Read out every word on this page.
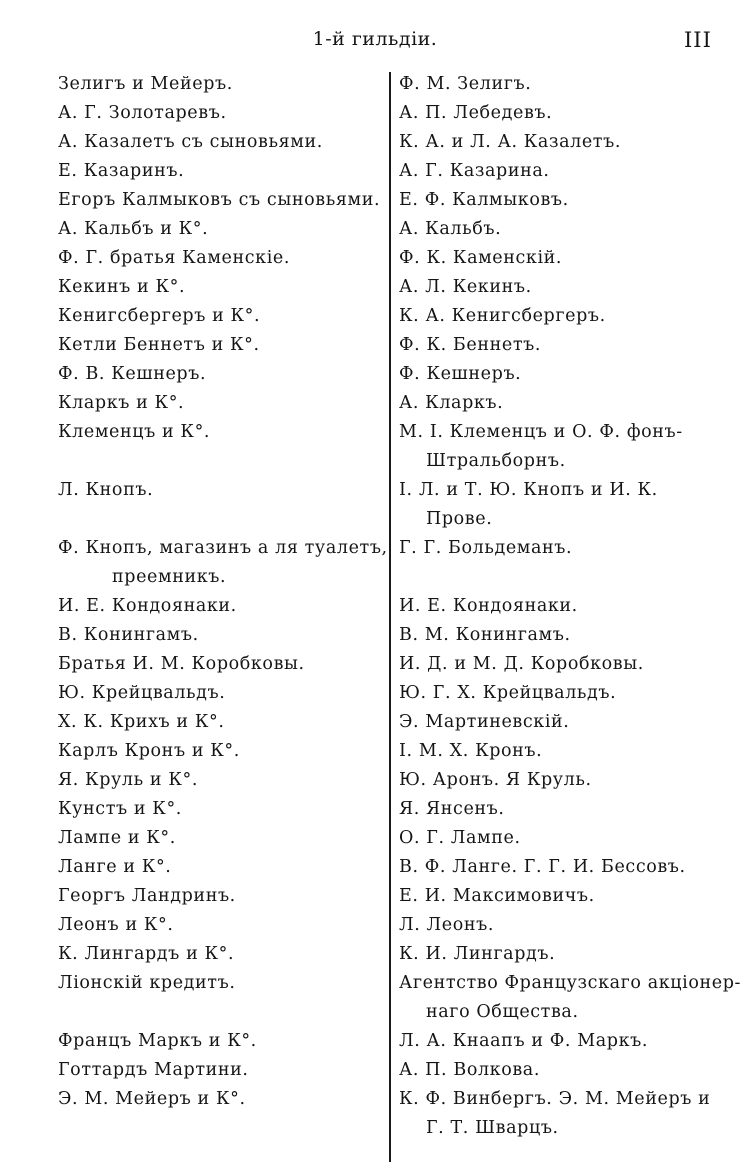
1-й гильдіи.	III
Зелигъ и Мейеръ.
А. Г. Золотаревъ.
А. Казалетъ съ сыновьями.
Е. Казаринъ.
Егоръ Калмыковъ съ сыновьями.
А. Кальбъ и К°.
Ф. Г. братья Каменскіе.
Кекинъ и К°.
Кенигсбергеръ и К°.
Кетли Беннетъ и К°.
Ф. В. Кешнеръ.
Кларкъ и К°.
Клеменцъ и К°.
Л. Кнопъ.
Ф. Кнопъ, магазинъ а ля туалетъ,
преемникъ.
И. Е. Кондоянаки.
В. Конингамъ.
Братья И. М. Коробковы.
Ю. Крейцвальдъ.
Х. К. Крихъ и К°.
Карлъ Кронъ и К°.
Я. Круль и К°.
Кунстъ и К°.
Лампе и К°.
Ланге и К°.
Георгъ Ландринъ.
Леонъ и К°.
К. Лингардъ и К°.
Ліонскій кредитъ.
Францъ Маркъ и К°.
Готтардъ Мартини.
Э. М. Мейеръ и К°.
Ф. М. Зелигъ.
А. П. Лебедевъ.
К. А. и Л. А. Казалетъ.
А. Г. Казарина.
Е. Ф. Калмыковъ.
А. Кальбъ.
Ф. К. Каменскій.
А. Л. Кекинъ.
К. А. Кенигсбергеръ.
Ф. К. Беннетъ.
Ф. Кешнеръ.
А. Кларкъ.
М. І. Клеменцъ и О. Ф. фонъ-
Штральборнъ.
І. Л. и Т. Ю. Кнопъ и И. К.
Прове.
Г. Г. Больдеманъ.
И. Е. Кондоянаки.
В. М. Конингамъ.
И. Д. и М. Д. Коробковы.
Ю. Г. Х. Крейцвальдъ.
Э. Мартиневскій.
І. М. Х. Кронъ.
Ю. Аронъ. Я Круль.
Я. Янсенъ.
О. Г. Лампе.
В. Ф. Ланге. Г. Г. И. Бессовъ.
Е. И. Максимовичъ.
Л. Леонъ.
К. И. Лингардъ.
Агентство Французскаго акціонер-
наго Общества.
Л. А. Кнаапъ и Ф. Маркъ.
А. П. Волкова.
К. Ф. Винбергъ. Э. М. Мейеръ и
Г. Т. Шварцъ.
